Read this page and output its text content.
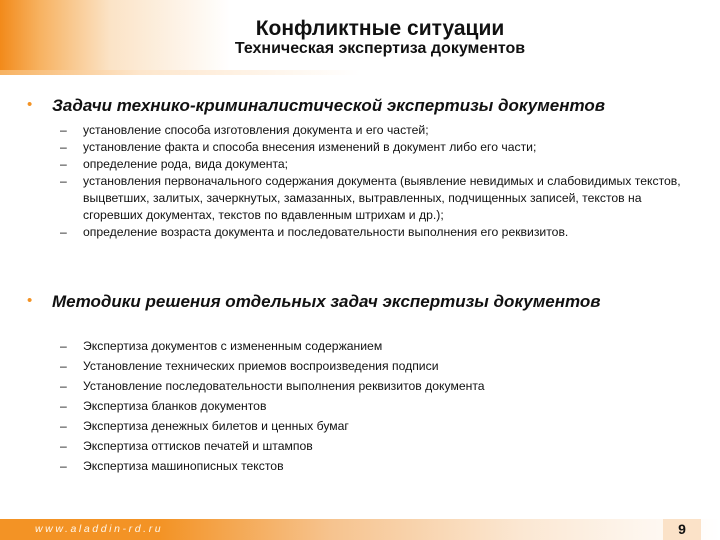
Конфликтные ситуации
Техническая экспертиза документов
• Задачи технико-криминалистической экспертизы документов
– установление способа изготовления документа и его частей;
– установление факта и способа внесения изменений в документ либо его части;
– определение рода, вида документа;
– установления первоначального содержания документа (выявление невидимых и слабовидимых текстов, выцветших, залитых, зачеркнутых, замазанных, вытравленных, подчищенных записей, текстов на сгоревших документах, текстов по вдавленным штрихам и др.);
– определение возраста документа и последовательности выполнения его реквизитов.
• Методики решения отдельных задач экспертизы документов
– Экспертиза документов с измененным содержанием
– Установление технических приемов воспроизведения подписи
– Установление последовательности выполнения реквизитов документа
– Экспертиза бланков документов
– Экспертиза денежных билетов и ценных бумаг
– Экспертиза оттисков печатей и штампов
– Экспертиза машинописных текстов
www.aladdin-rd.ru	9
